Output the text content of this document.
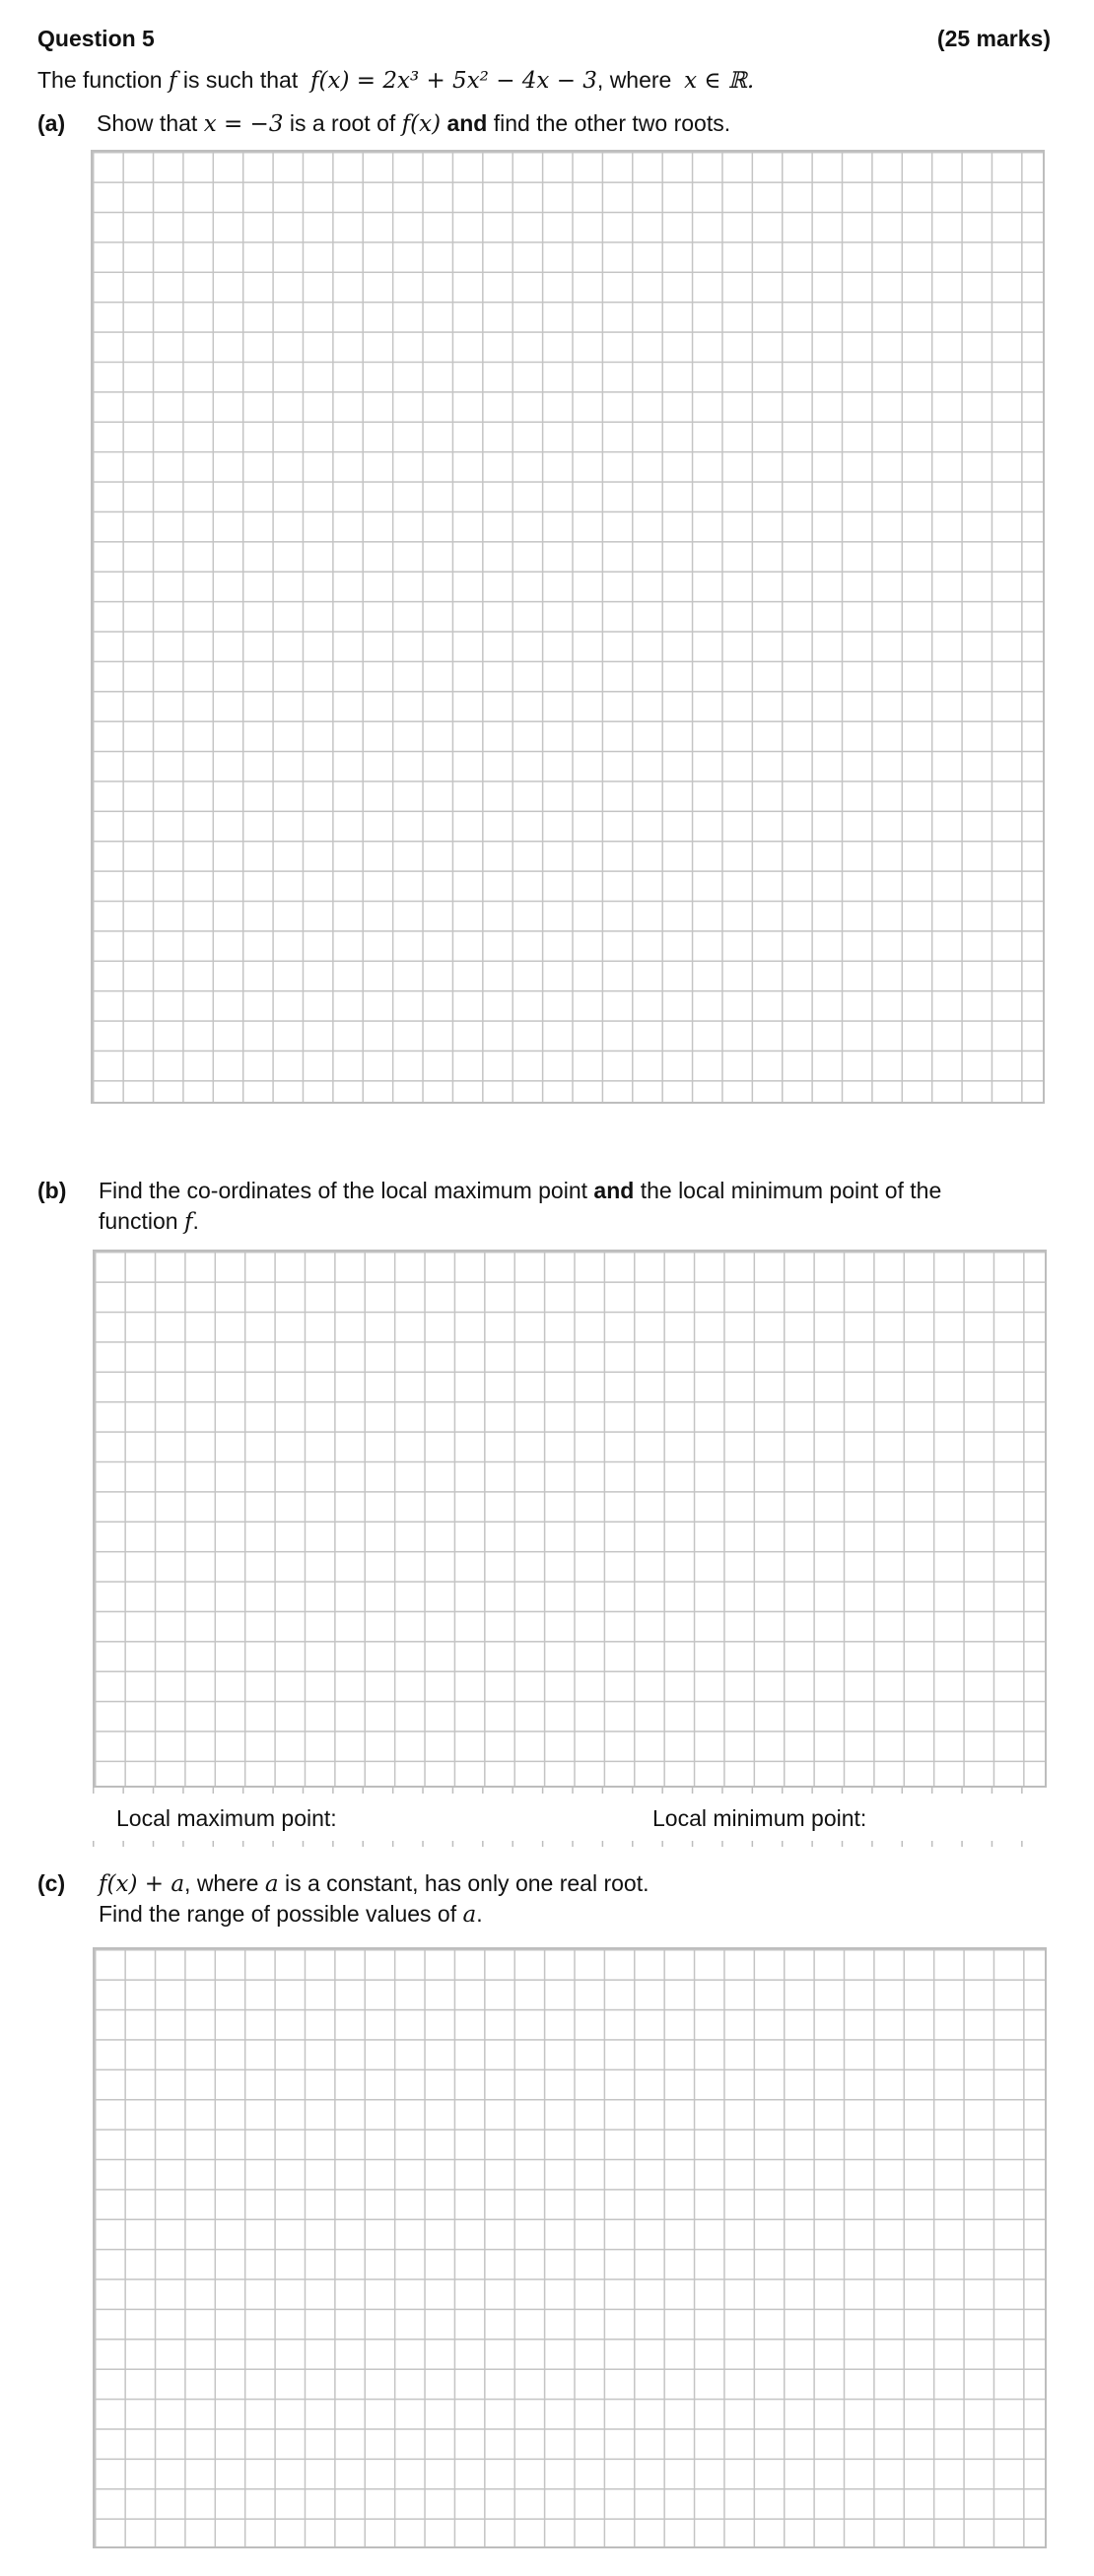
Question 5	(25 marks)
The function f is such that f(x) = 2x³ + 5x² − 4x − 3, where x ∈ ℝ.
(a) Show that x = −3 is a root of f(x) and find the other two roots.
(b) Find the co-ordinates of the local maximum point and the local minimum point of the
function f.
Local maximum point:	Local minimum point:
(c) f(x) + a, where a is a constant, has only one real root.
Find the range of possible values of a.
